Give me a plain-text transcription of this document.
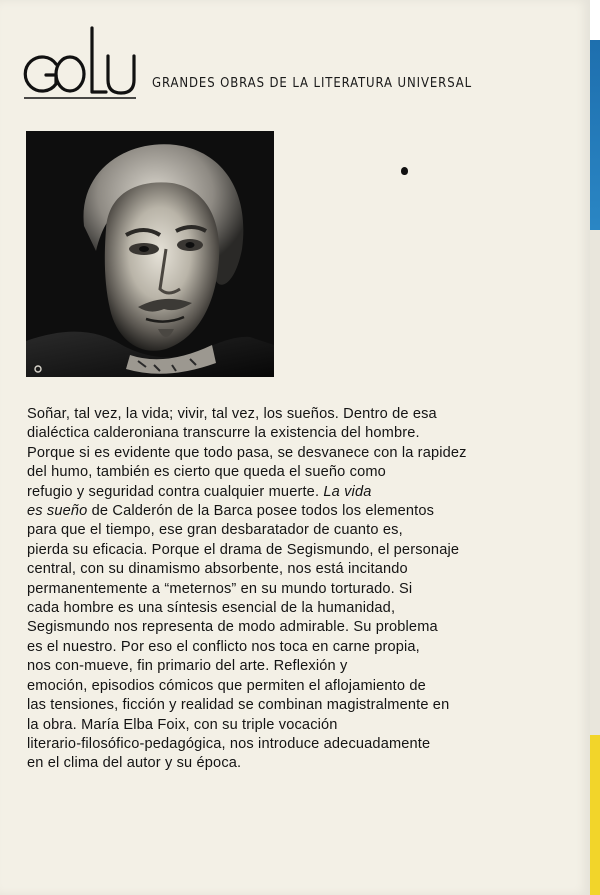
GRANDES OBRAS DE LA LITERATURA UNIVERSAL
Soñar, tal vez, la vida; vivir, tal vez, los sueños. Dentro de esa
dialéctica calderoniana transcurre la existencia del hombre.
Porque si es evidente que todo pasa, se desvanece con la rapidez
del humo, también es cierto que queda el sueño como
refugio y seguridad contra cualquier muerte. La vida
es sueño de Calderón de la Barca posee todos los elementos
para que el tiempo, ese gran desbaratador de cuanto es,
pierda su eficacia. Porque el drama de Segismundo, el personaje
central, con su dinamismo absorbente, nos está incitando
permanentemente a “meternos” en su mundo torturado. Si
cada hombre es una síntesis esencial de la humanidad,
Segismundo nos representa de modo admirable. Su problema
es el nuestro. Por eso el conflicto nos toca en carne propia,
nos con-mueve, fin primario del arte. Reflexión y
emoción, episodios cómicos que permiten el aflojamiento de
las tensiones, ficción y realidad se combinan magistralmente en
la obra. María Elba Foix, con su triple vocación
literario-filosófico-pedagógica, nos introduce adecuadamente
en el clima del autor y su época.
